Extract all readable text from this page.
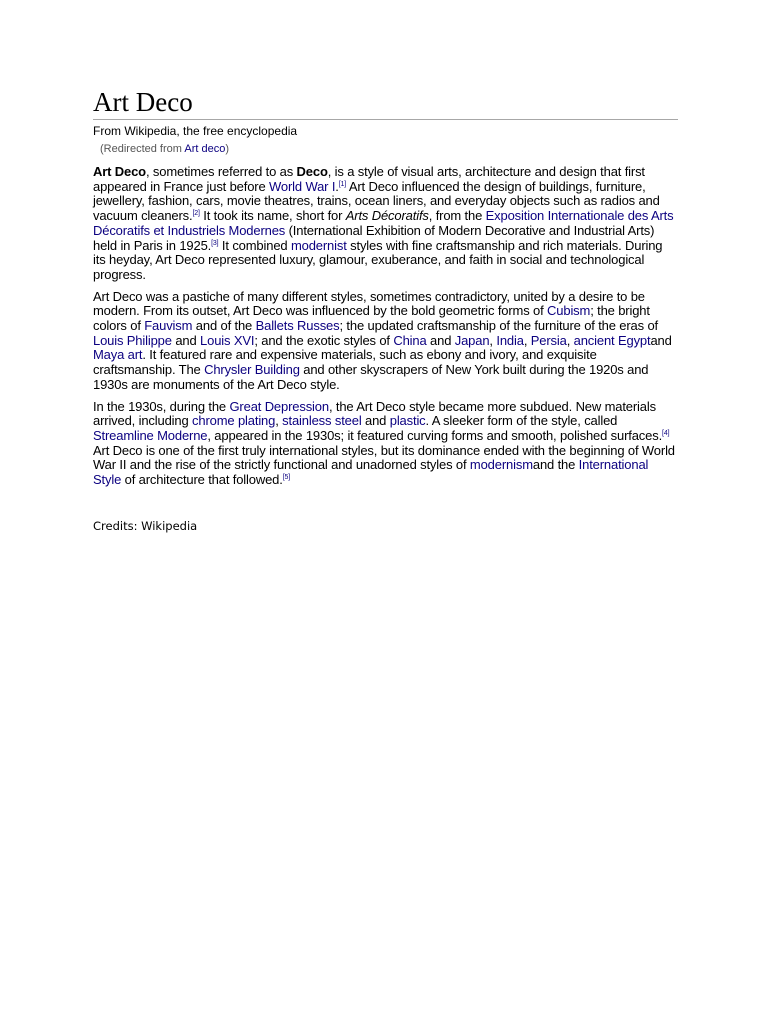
Art Deco
From Wikipedia, the free encyclopedia
(Redirected from Art deco)

Art Deco, sometimes referred to as Deco, is a style of visual arts, architecture and design that first appeared in France just before World War I.[1] Art Deco influenced the design of buildings, furniture, jewellery, fashion, cars, movie theatres, trains, ocean liners, and everyday objects such as radios and vacuum cleaners.[2] It took its name, short for Arts Décoratifs, from the Exposition Internationale des Arts Décoratifs et Industriels Modernes (International Exhibition of Modern Decorative and Industrial Arts) held in Paris in 1925.[3] It combined modernist styles with fine craftsmanship and rich materials. During its heyday, Art Deco represented luxury, glamour, exuberance, and faith in social and technological progress.

Art Deco was a pastiche of many different styles, sometimes contradictory, united by a desire to be modern. From its outset, Art Deco was influenced by the bold geometric forms of Cubism; the bright colors of Fauvism and of the Ballets Russes; the updated craftsmanship of the furniture of the eras of Louis Philippe and Louis XVI; and the exotic styles of China and Japan, India, Persia, ancient Egyptand Maya art. It featured rare and expensive materials, such as ebony and ivory, and exquisite craftsmanship. The Chrysler Building and other skyscrapers of New York built during the 1920s and 1930s are monuments of the Art Deco style.

In the 1930s, during the Great Depression, the Art Deco style became more subdued. New materials arrived, including chrome plating, stainless steel and plastic. A sleeker form of the style, called Streamline Moderne, appeared in the 1930s; it featured curving forms and smooth, polished surfaces.[4] Art Deco is one of the first truly international styles, but its dominance ended with the beginning of World War II and the rise of the strictly functional and unadorned styles of modernismand the International Style of architecture that followed.[5]

Credits: Wikipedia
